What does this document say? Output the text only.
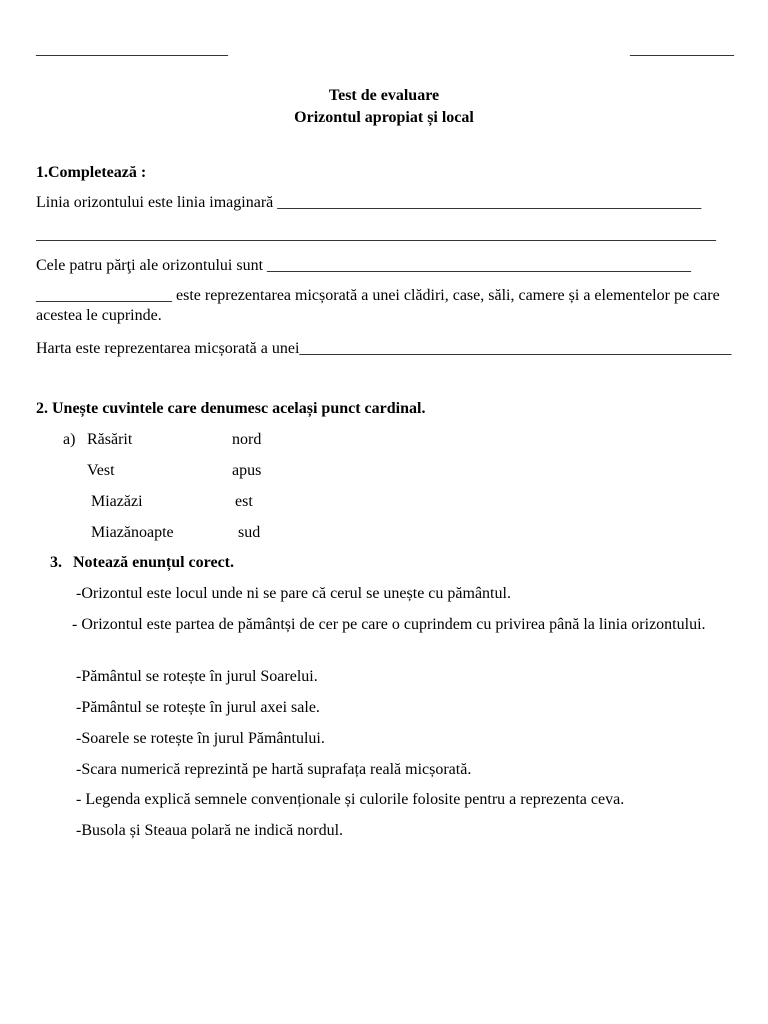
________________________	_____________
Test de evaluare
Orizontul apropiat și local
1.Completează :
Linia orizontului este linia imaginară _____________________________________________________
_____________________________________________________________________________________
Cele patru părţi ale orizontului sunt _____________________________________________________
_________________ este reprezentarea micșorată a unei clădiri, case, săli, camere și a elementelor pe care acestea le cuprinde.
Harta este reprezentarea micșorată a unei______________________________________________________
2. Unește cuvintele care denumesc același punct cardinal.
a) Răsărit
Vest
Miazăzi
Miazănoapte
nord
apus
est
sud
3. Notează enunțul corect.
-Orizontul este locul unde ni se pare că cerul se unește cu pământul.
- Orizontul este partea de pământși de cer pe care o cuprindem cu privirea până la linia orizontului.
-Pământul se rotește în jurul Soarelui.
-Pământul se rotește în jurul axei sale.
-Soarele se rotește în jurul Pământului.
-Scara numerică reprezintă pe hartă suprafața reală micșorată.
- Legenda explică semnele convenționale și culorile folosite pentru a reprezenta ceva.
-Busola și Steaua polară ne indică nordul.
